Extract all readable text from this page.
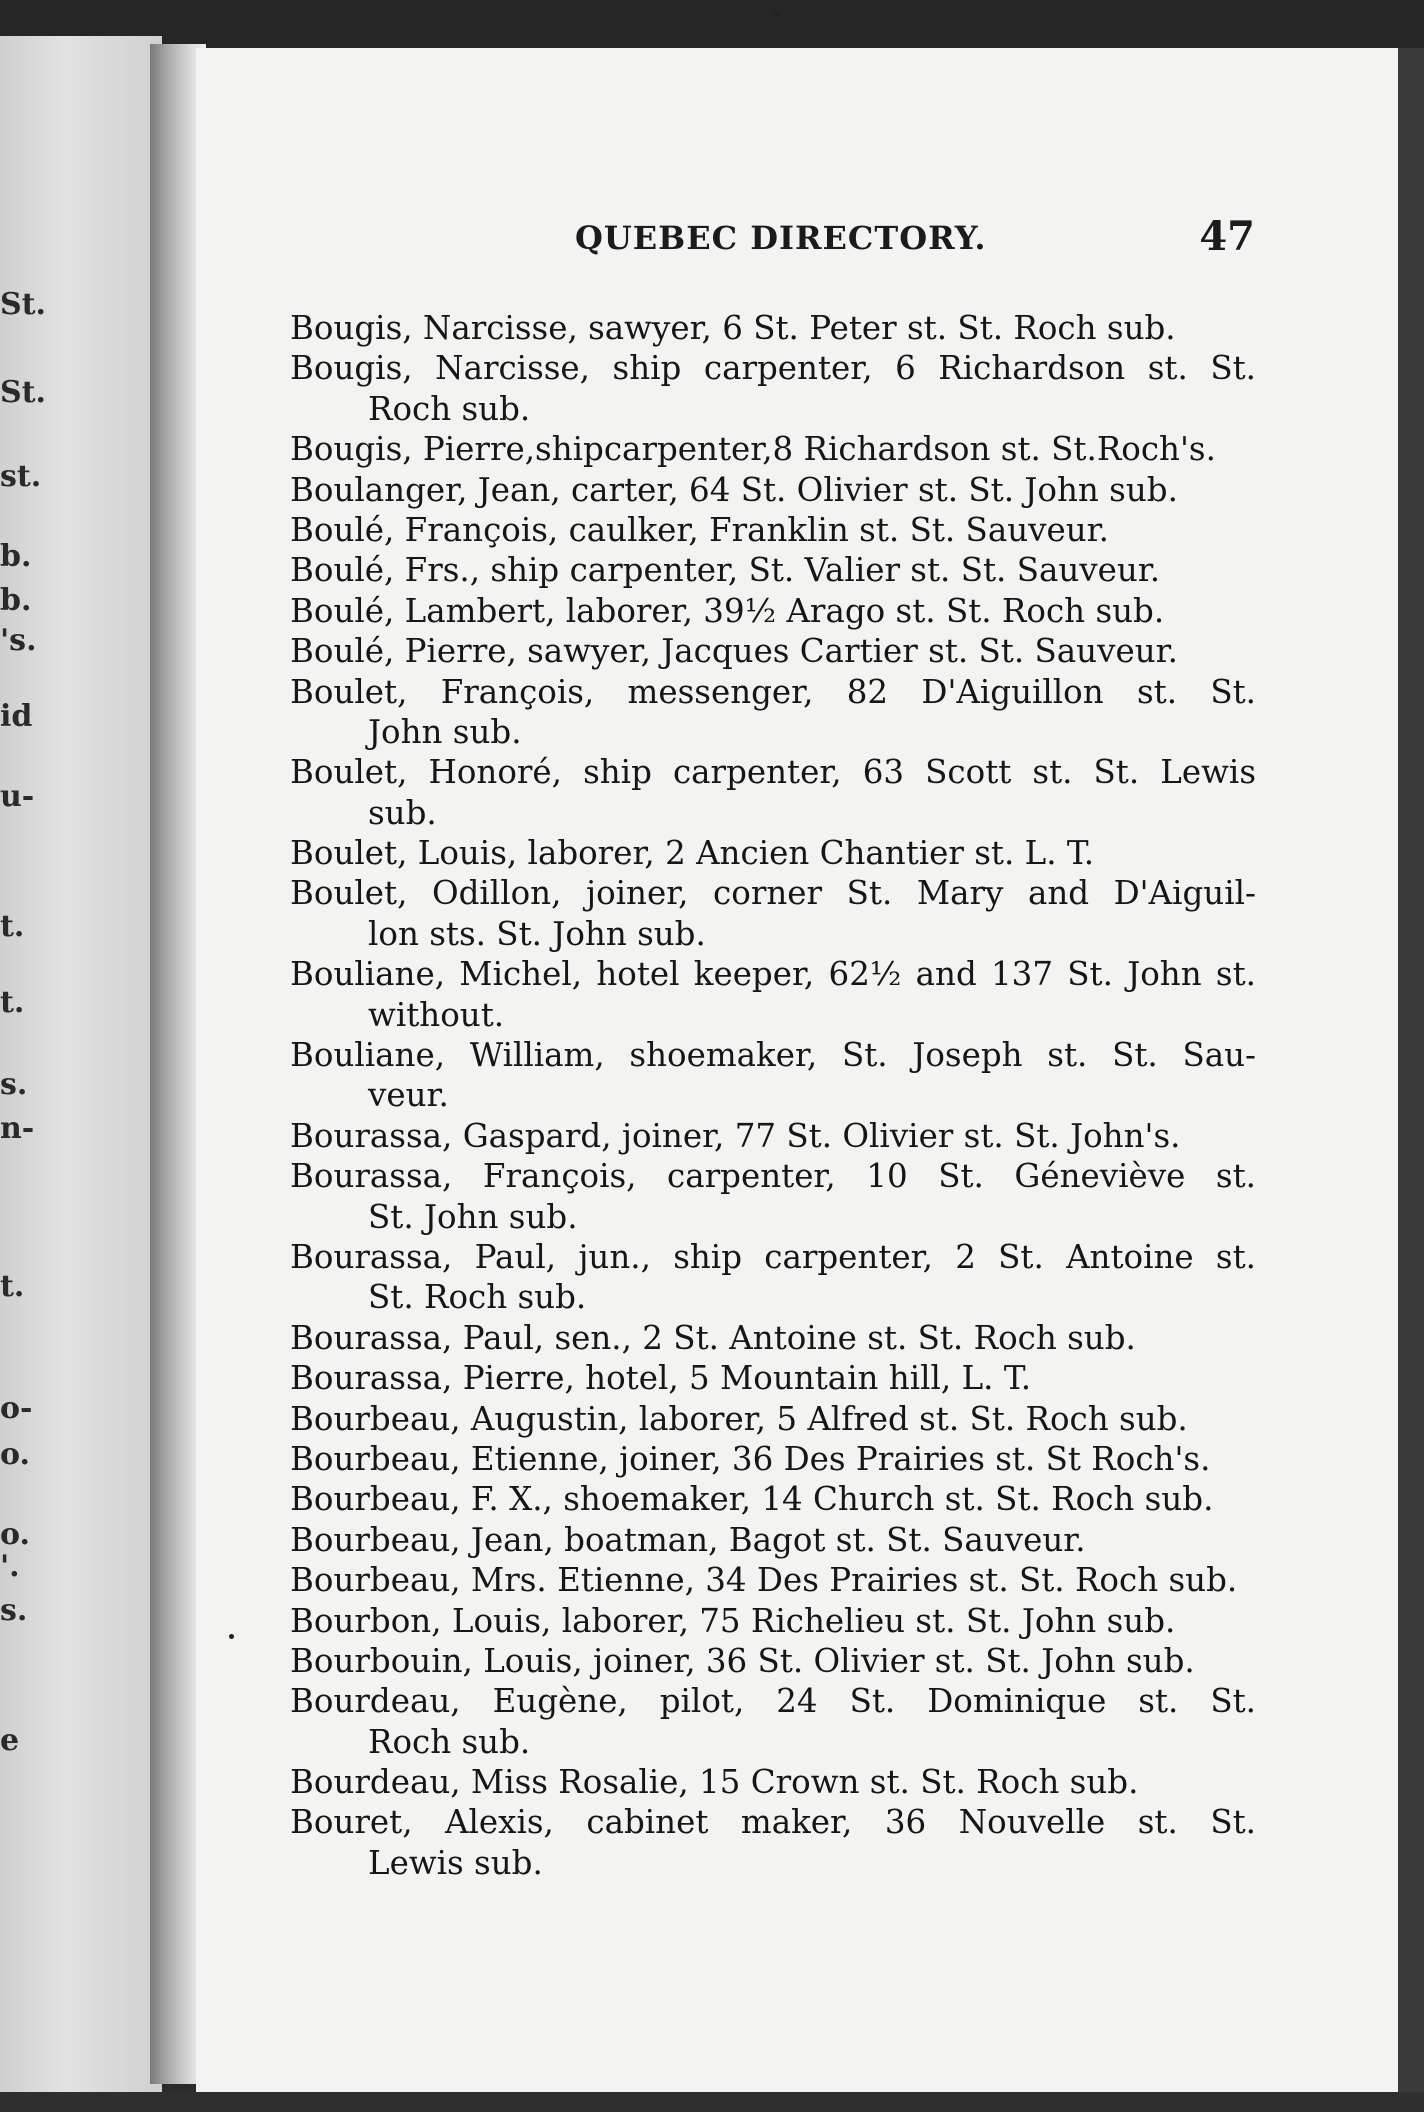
St.
St.
st.
b.
b.
's.
id
u-
t.
t.
s.
n-
t.
o-
o.
o.
'.
s.
e
QUEBEC DIRECTORY.	47
Bougis, Narcisse, sawyer, 6 St. Peter st. St. Roch sub.
Bougis, Narcisse, ship carpenter, 6 Richardson st. St.
Roch sub.
Bougis, Pierre,shipcarpenter,8 Richardson st. St.Roch's.
Boulanger, Jean, carter, 64 St. Olivier st. St. John sub.
Boulé, François, caulker, Franklin st. St. Sauveur.
Boulé, Frs., ship carpenter, St. Valier st. St. Sauveur.
Boulé, Lambert, laborer, 39½ Arago st. St. Roch sub.
Boulé, Pierre, sawyer, Jacques Cartier st. St. Sauveur.
Boulet, François, messenger, 82 D'Aiguillon st. St.
John sub.
Boulet, Honoré, ship carpenter, 63 Scott st. St. Lewis
sub.
Boulet, Louis, laborer, 2 Ancien Chantier st. L. T.
Boulet, Odillon, joiner, corner St. Mary and D'Aiguil-
lon sts. St. John sub.
Bouliane, Michel, hotel keeper, 62½ and 137 St. John st.
without.
Bouliane, William, shoemaker, St. Joseph st. St. Sau-
veur.
Bourassa, Gaspard, joiner, 77 St. Olivier st. St. John's.
Bourassa, François, carpenter, 10 St. Géneviève st.
St. John sub.
Bourassa, Paul, jun., ship carpenter, 2 St. Antoine st.
St. Roch sub.
Bourassa, Paul, sen., 2 St. Antoine st. St. Roch sub.
Bourassa, Pierre, hotel, 5 Mountain hill, L. T.
Bourbeau, Augustin, laborer, 5 Alfred st. St. Roch sub.
Bourbeau, Etienne, joiner, 36 Des Prairies st. St Roch's.
Bourbeau, F. X., shoemaker, 14 Church st. St. Roch sub.
Bourbeau, Jean, boatman, Bagot st. St. Sauveur.
Bourbeau, Mrs. Etienne, 34 Des Prairies st. St. Roch sub.
Bourbon, Louis, laborer, 75 Richelieu st. St. John sub.
Bourbouin, Louis, joiner, 36 St. Olivier st. St. John sub.
Bourdeau, Eugène, pilot, 24 St. Dominique st. St.
Roch sub.
Bourdeau, Miss Rosalie, 15 Crown st. St. Roch sub.
Bouret, Alexis, cabinet maker, 36 Nouvelle st. St.
Lewis sub.
